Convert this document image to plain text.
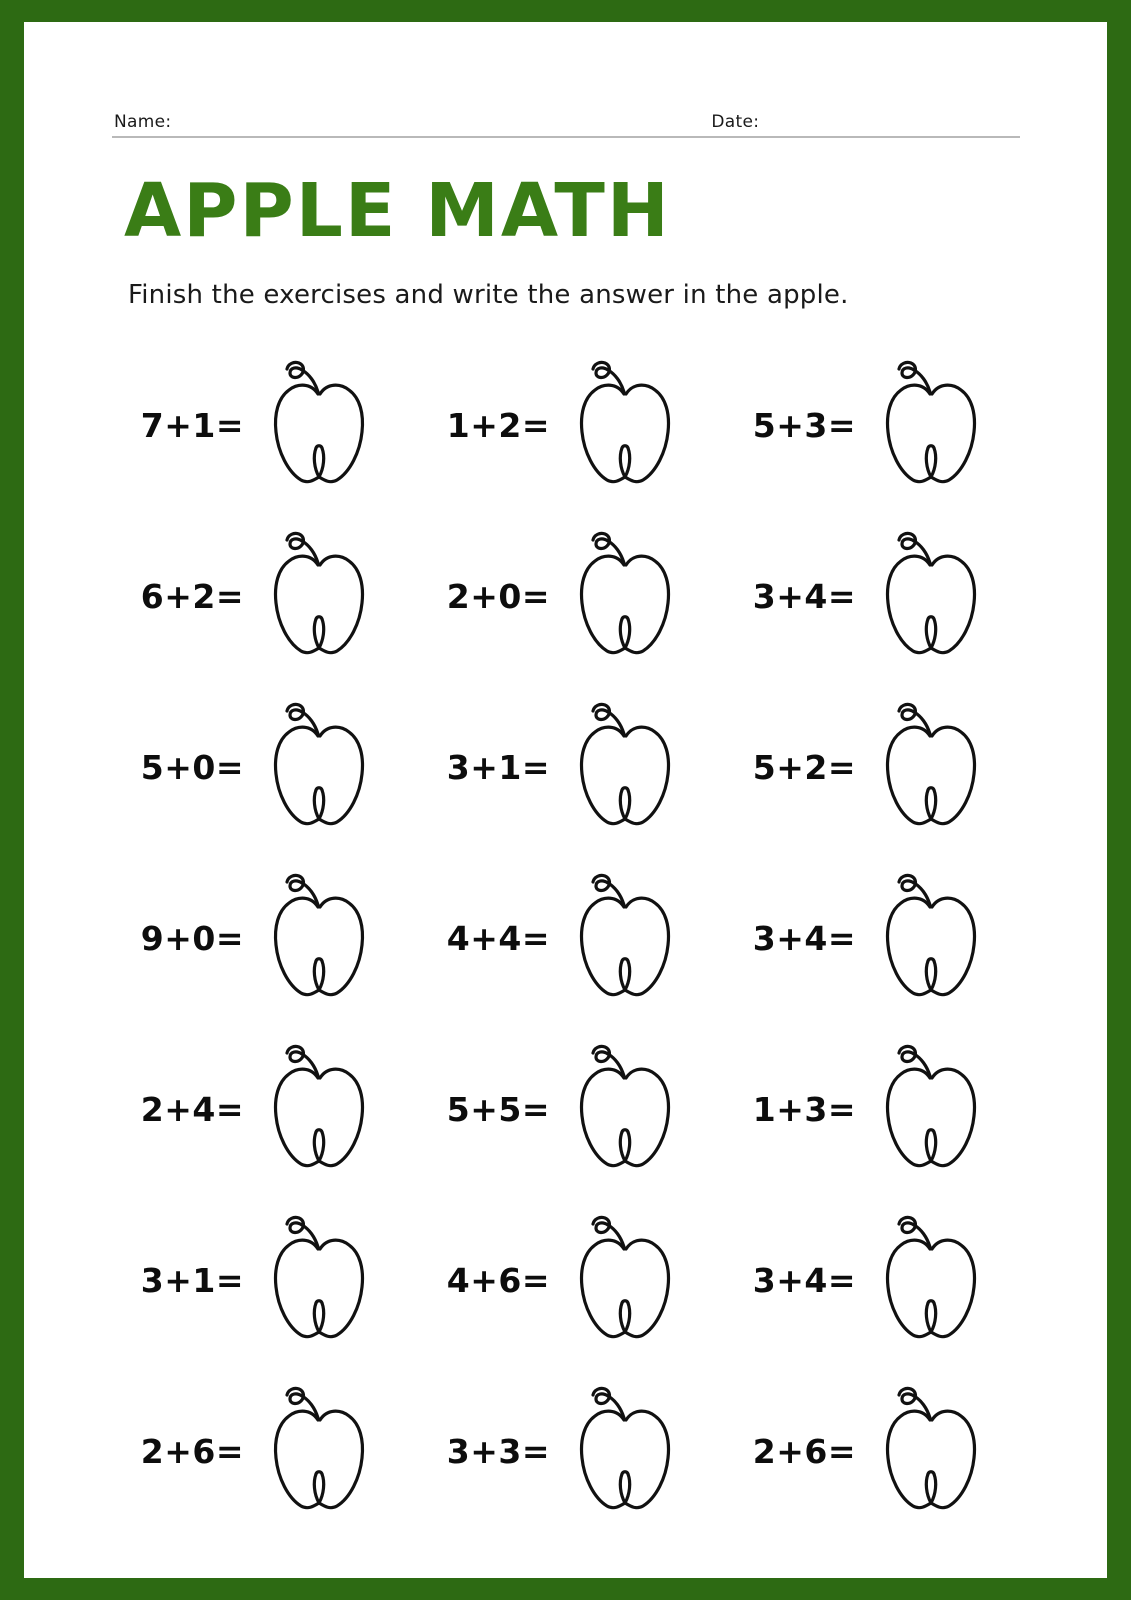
Name:	Date:
APPLE MATH
Finish the exercises and write the answer in the apple.
7+1=	1+2=	5+3=
6+2=	2+0=	3+4=
5+0=	3+1=	5+2=
9+0=	4+4=	3+4=
2+4=	5+5=	1+3=
3+1=	4+6=	3+4=
2+6=	3+3=	2+6=
